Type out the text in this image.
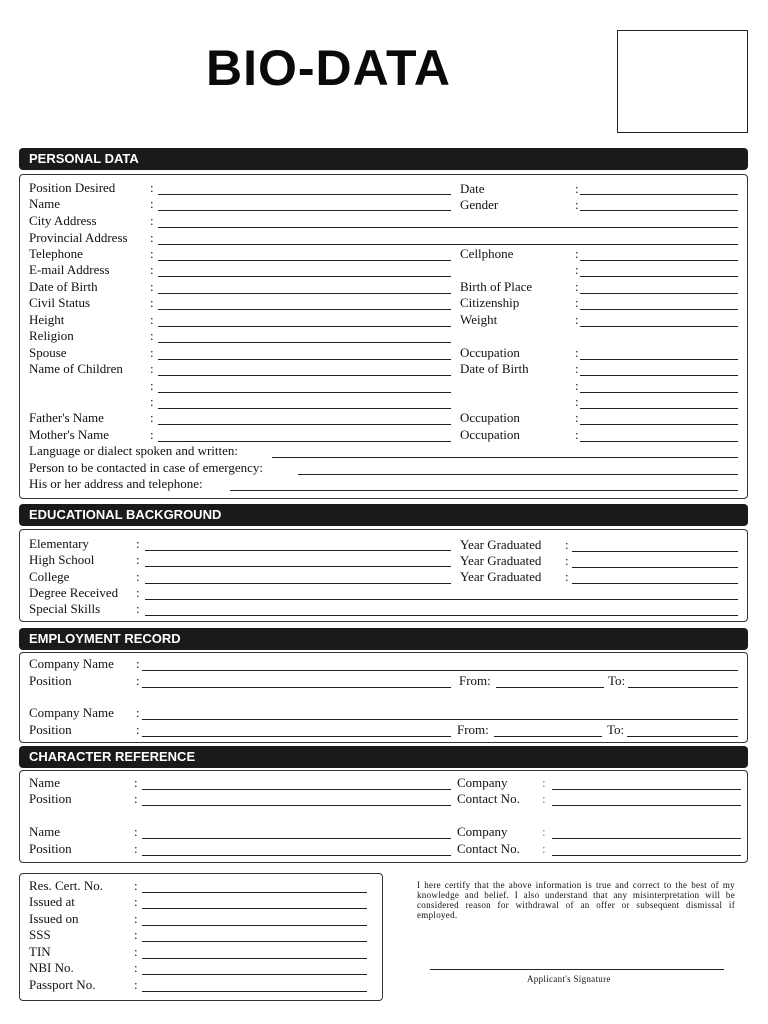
BIO-DATA
PERSONAL DATA
Position Desired
Name
City Address
Provincial Address
Telephone
E-mail Address
Date of Birth
Civil Status
Height
Religion
Spouse
Name of Children
Father's Name
Mother's Name
:
:
:
:
:
:
:
:
:
:
:
:
:
:
:
:
Date
Gender
Cellphone
Birth of Place
Citizenship
Weight
Occupation
Date of Birth
Occupation
Occupation
:
:
:
:
:
:
:
:
:
:
:
:
:
Language or dialect spoken and written:
Person to be contacted in case of emergency:
His or her address and telephone:
EDUCATIONAL BACKGROUND
Elementary
High School
College
Degree Received
Special Skills
:
:
:
:
:
Year Graduated
Year Graduated
Year Graduated
:
:
:
EMPLOYMENT RECORD
Company Name
Position
Company Name
Position
:
:
:
:
From:	To:
From:	To:
CHARACTER REFERENCE
Name
Position
Name
Position
:
:
:
:
Company
Contact No.
Company
Contact No.
:
:
:
:
Res. Cert. No.
Issued at
Issued on
SSS
TIN
NBI No.
Passport No.
:
:
:
:
:
:
:
I here certify that the above information is true and correct to the best of my knowledge and belief. I also understand that any misinterpretation will be considered reason for withdrawal of an offer or subsequent dismissal if employed.
Applicant's Signature
